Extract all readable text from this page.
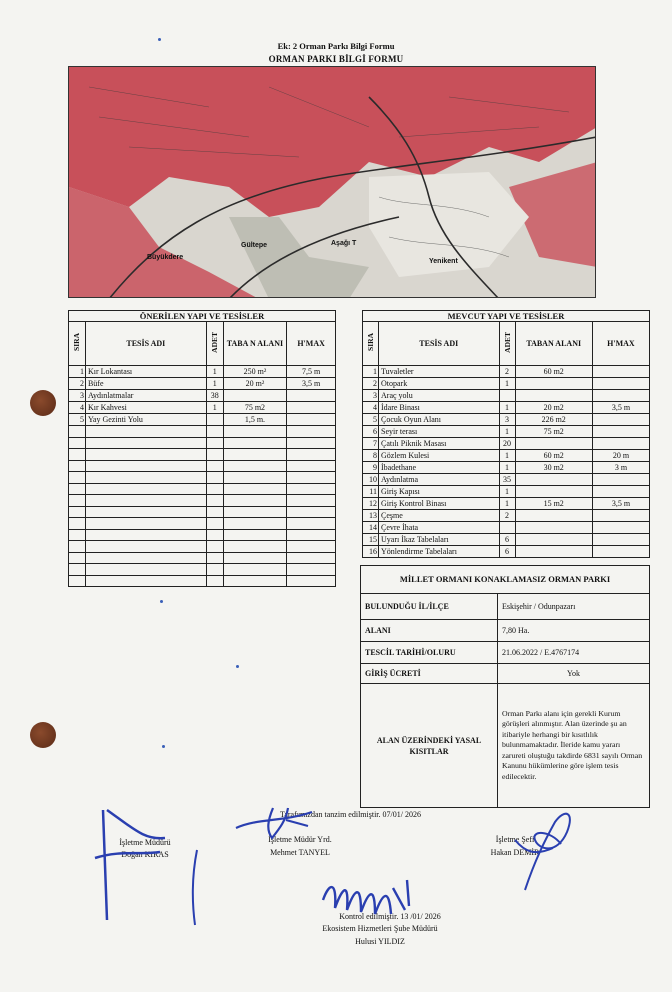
Ek: 2 Orman Parkı Bilgi Formu
ORMAN PARKI BİLGİ FORMU
Büyükdere
Gültepe
Yenikent
Aşağı T
ÖNERİLEN YAPI VE TESİSLER
SIRA	TESİS ADI	ADET	TABA N ALANI	H'MAX
1	Kır Lokantası	1	250 m²	7,5 m
2	Büfe	1	20 m²	3,5 m
3	Aydınlatmalar	38		
4	Kır Kahvesi	1	75 m2	
5	Yay Gezinti Yolu		1,5 m.	

MEVCUT YAPI VE TESİSLER
SIRA	TESİS ADI	ADET	TABAN ALANI	H'MAX
1	Tuvaletler	2	60 m2	
2	Otopark	1		
3	Araç yolu			
4	İdare Binası	1	20 m2	3,5 m
5	Çocuk Oyun Alanı	3	226 m2	
6	Seyir terası	1	75 m2	
7	Çatılı Piknik Masası	20		
8	Gözlem Kulesi	1	60 m2	20 m
9	İbadethane	1	30 m2	3 m
10	Aydınlatma	35		
11	Giriş Kapısı	1		
12	Giriş Kontrol Binası	1	15 m2	3,5 m
13	Çeşme	2		
14	Çevre İhata			
15	Uyarı İkaz Tabelaları	6		
16	Yönlendirme Tabelaları	6		
MİLLET ORMANI KONAKLAMASIZ ORMAN PARKI	
BULUNDUĞU İL/İLÇE	Eskişehir / Odunpazarı
ALANI	7,80 Ha.
TESCİL TARİHİ/OLURU	21.06.2022 / E.4767174
GİRİŞ ÜCRETİ	Yok
ALAN ÜZERİNDEKİ YASAL KISITLAR	Orman Parkı alanı için gerekli Kurum görüşleri alınmıştır. Alan üzerinde şu an itibariyle herhangi bir kısıtlılık bulunmamaktadır. İleride kamu yararı zarureti oluştuğu takdirde 6831 sayılı Orman Kanunu hükümlerine göre işlem tesis edilecektir.
Tarafımızdan tanzim edilmiştir. 07/01/ 2026
İşletme Müdürü
Doğan KIRAS
İşletme Müdür Yrd.
Mehmet TANYEL
İşletme Şefi
Hakan DEMİR
Kontrol edilmiştir. 13 /01/ 2026
Ekosistem Hizmetleri Şube Müdürü
Hulusi YILDIZ
